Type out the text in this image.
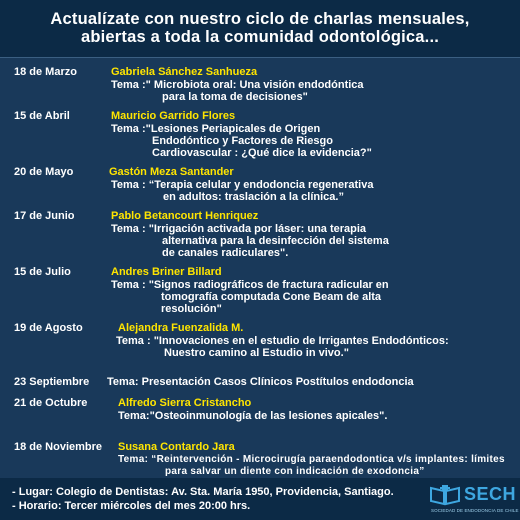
Actualízate con nuestro ciclo de charlas mensuales,
abiertas a toda la comunidad odontológica...
18 de Marzo	Gabriela Sánchez Sanhueza
Tema :" Microbiota oral: Una visión endodóntica
para la toma de decisiones"
15 de Abril	Mauricio Garrido Flores
Tema :"Lesiones Periapicales de Origen
Endodóntico y Factores de Riesgo
Cardiovascular : ¿Qué dice la evidencia?"
20 de Mayo	Gastón Meza Santander
Tema : “Terapia celular y endodoncia regenerativa
en adultos: traslación a la clínica.”
17 de Junio	Pablo Betancourt Henriquez
Tema : "Irrigación activada por láser: una terapia
alternativa para la desinfección del sistema
de canales radiculares".
15 de Julio	Andres Briner Billard
Tema : "Signos radiográficos de fractura radicular en
tomografía computada Cone Beam de alta
resolución"
19 de Agosto	Alejandra Fuenzalida M.
Tema : "Innovaciones en el estudio de Irrigantes Endodónticos:
Nuestro camino al Estudio in vivo."
23 Septiembre Tema: Presentación Casos Clínicos Postítulos endodoncia
21 de Octubre	Alfredo Sierra Cristancho
Tema:"Osteoinmunología de las lesiones apicales".
18 de Noviembre Susana Contardo Jara
Tema: “Reintervención - Microcirugía paraendodontica v/s implantes: límites
para salvar un diente con indicación de exodoncia”
- Lugar: Colegio de Dentistas: Av. Sta. María 1950, Providencia, Santiago.
- Horario: Tercer miércoles del mes 20:00 hrs.
SECH
SOCIEDAD DE ENDODONCIA DE CHILE
